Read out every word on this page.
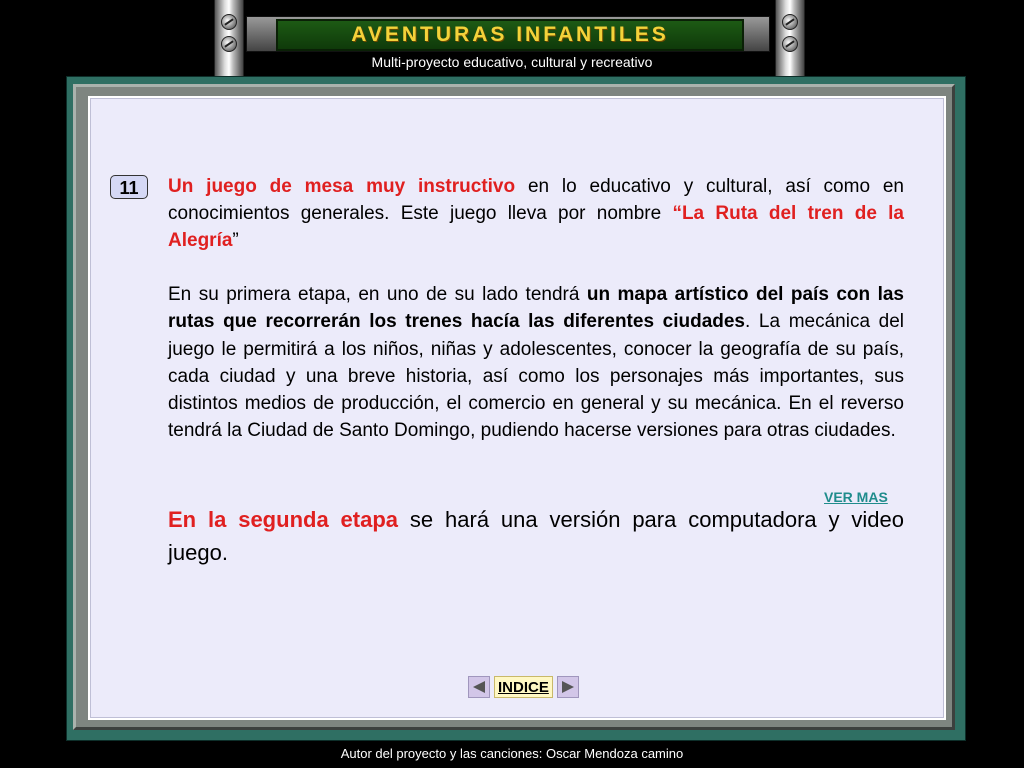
AVENTURAS INFANTILES
Multi-proyecto educativo, cultural y recreativo
11	Un juego de mesa muy instructivo en lo educativo y cultural, así como en conocimientos generales. Este juego lleva por nombre “La Ruta del tren de la Alegría”

En su primera etapa, en uno de su lado tendrá un mapa artístico del país con las rutas que recorrerán los trenes hacía las diferentes ciudades. La mecánica del juego le permitirá a los niños, niñas y adolescentes, conocer la geografía de su país, cada ciudad y una breve historia, así como los personajes más importantes, sus distintos medios de producción, el comercio en general y su mecánica. En el reverso tendrá la Ciudad de Santo Domingo, pudiendo hacerse versiones para otras ciudades.

En la segunda etapa se hará una versión para computadora y video juego.

VER MAS
INDICE
Autor del proyecto y las canciones: Oscar Mendoza camino
